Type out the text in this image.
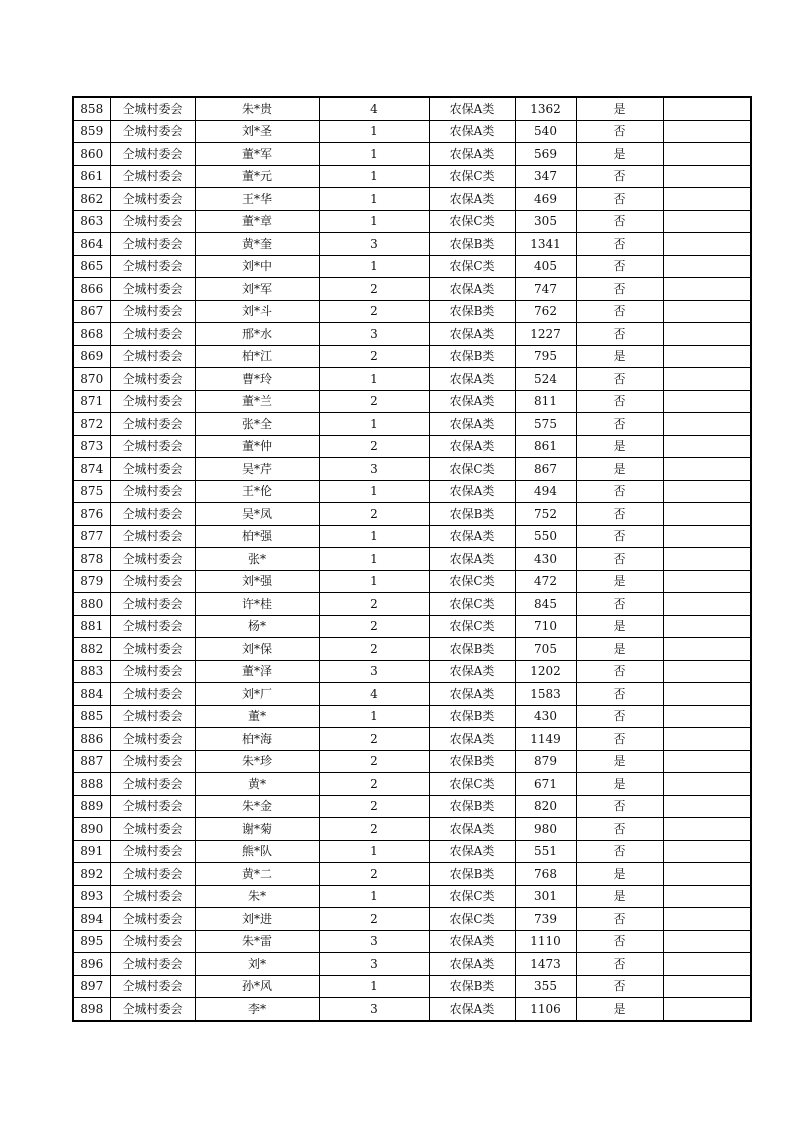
858	仝城村委会	朱*贵	4	农保A类	1362	是	
859	仝城村委会	刘*圣	1	农保A类	540	否	
860	仝城村委会	董*军	1	农保A类	569	是	
861	仝城村委会	董*元	1	农保C类	347	否	
862	仝城村委会	王*华	1	农保A类	469	否	
863	仝城村委会	董*章	1	农保C类	305	否	
864	仝城村委会	黄*奎	3	农保B类	1341	否	
865	仝城村委会	刘*中	1	农保C类	405	否	
866	仝城村委会	刘*军	2	农保A类	747	否	
867	仝城村委会	刘*斗	2	农保B类	762	否	
868	仝城村委会	邢*水	3	农保A类	1227	否	
869	仝城村委会	柏*江	2	农保B类	795	是	
870	仝城村委会	曹*玲	1	农保A类	524	否	
871	仝城村委会	董*兰	2	农保A类	811	否	
872	仝城村委会	张*全	1	农保A类	575	否	
873	仝城村委会	董*仲	2	农保A类	861	是	
874	仝城村委会	吴*芹	3	农保C类	867	是	
875	仝城村委会	王*伦	1	农保A类	494	否	
876	仝城村委会	吴*凤	2	农保B类	752	否	
877	仝城村委会	柏*强	1	农保A类	550	否	
878	仝城村委会	张*	1	农保A类	430	否	
879	仝城村委会	刘*强	1	农保C类	472	是	
880	仝城村委会	许*桂	2	农保C类	845	否	
881	仝城村委会	杨*	2	农保C类	710	是	
882	仝城村委会	刘*保	2	农保B类	705	是	
883	仝城村委会	董*泽	3	农保A类	1202	否	
884	仝城村委会	刘*厂	4	农保A类	1583	否	
885	仝城村委会	董*	1	农保B类	430	否	
886	仝城村委会	柏*海	2	农保A类	1149	否	
887	仝城村委会	朱*珍	2	农保B类	879	是	
888	仝城村委会	黄*	2	农保C类	671	是	
889	仝城村委会	朱*金	2	农保B类	820	否	
890	仝城村委会	谢*菊	2	农保A类	980	否	
891	仝城村委会	熊*队	1	农保A类	551	否	
892	仝城村委会	黄*二	2	农保B类	768	是	
893	仝城村委会	朱*	1	农保C类	301	是	
894	仝城村委会	刘*进	2	农保C类	739	否	
895	仝城村委会	朱*雷	3	农保A类	1110	否	
896	仝城村委会	刘*	3	农保A类	1473	否	
897	仝城村委会	孙*风	1	农保B类	355	否	
898	仝城村委会	李*	3	农保A类	1106	是	
